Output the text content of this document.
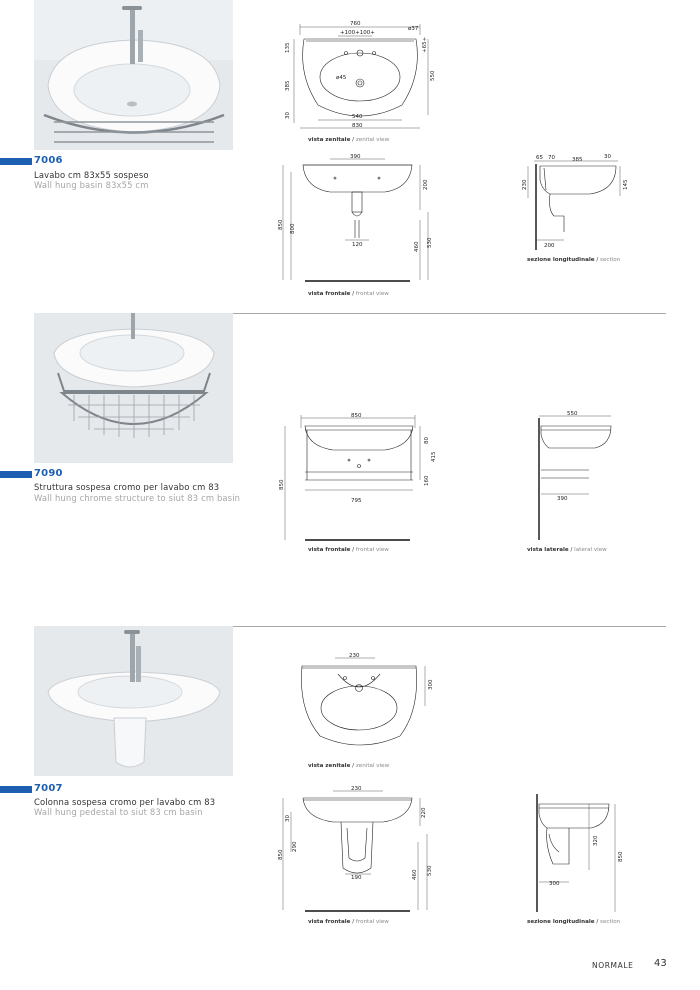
7006
Lavabo cm 83x55 sospeso
Wall hung basin 83x55 cm
760
+100+100+
ø37
ø45
135
385
30
+65+
550
540
830
vista zenitale / zenital view
390
120
200
460 530
850 800
vista frontale / frontal view
65 70	385	30
230	145
200
sezione longitudinale / section
7090
Struttura sospesa cromo per lavabo cm 83
Wall hung chrome structure to siut 83 cm basin
850
795
80
415
160
850
vista frontale / frontal view
550
390
vista laterale / lateral view
7007
Colonna sospesa cromo per lavabo cm 83
Wall hung pedestal to siut 83 cm basin
230
300
vista zenitale / zenital view
230
190
30
290
850
220
460 530
vista frontale / frontal view
320
850
300
sezione longitudinale / section
NORMALE 43
